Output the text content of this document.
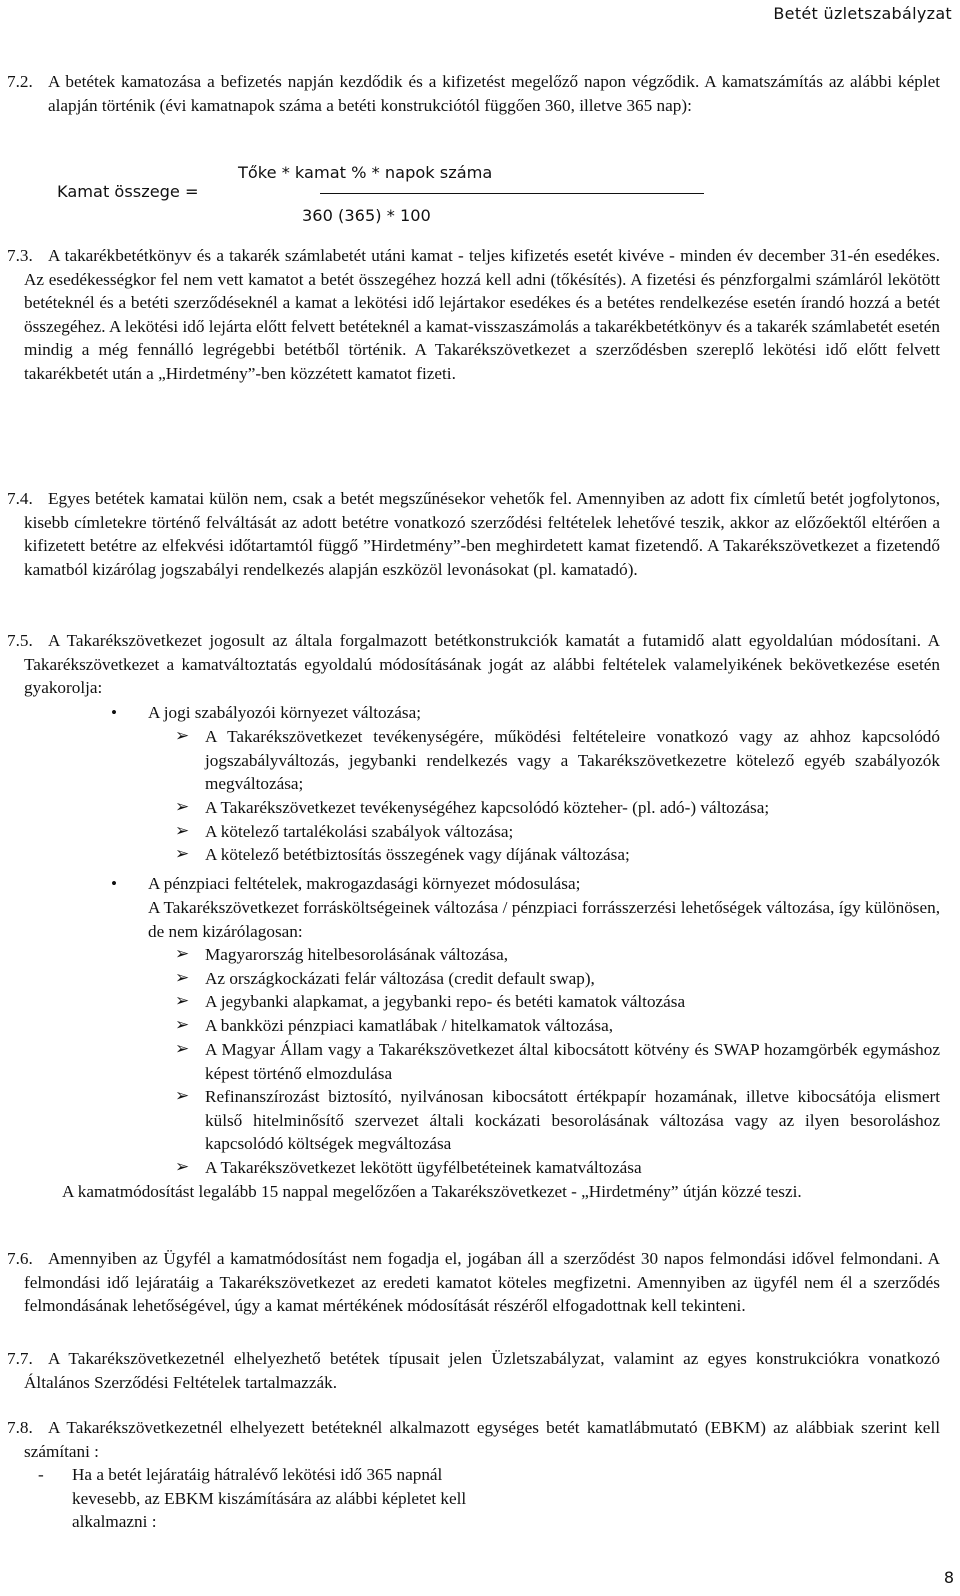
Betét üzletszabályzat
7.2. A betétek kamatozása a befizetés napján kezdődik és a kifizetést megelőző napon végződik. A kamatszámítás az alábbi képlet alapján történik (évi kamatnapok száma a betéti konstrukciótól függően 360, illetve 365 nap):
Kamat összege =
Tőke * kamat % * napok száma
360 (365) * 100
7.3. A takarékbetétkönyv és a takarék számlabetét utáni kamat - teljes kifizetés esetét kivéve - minden év december 31-én esedékes. Az esedékességkor fel nem vett kamatot a betét összegéhez hozzá kell adni (tőkésítés). A fizetési és pénzforgalmi számláról lekötött betéteknél és a betéti szerződéseknél a kamat a lekötési idő lejártakor esedékes és a betétes rendelkezése esetén írandó hozzá a betét összegéhez. A lekötési idő lejárta előtt felvett betéteknél a kamat-visszaszámolás a takarékbetétkönyv és a takarék számlabetét esetén mindig a még fennálló legrégebbi betétből történik. A Takarékszövetkezet a szerződésben szereplő lekötési idő előtt felvett takarékbetét után a „Hirdetmény”-ben közzétett kamatot fizeti.
7.4. Egyes betétek kamatai külön nem, csak a betét megszűnésekor vehetők fel. Amennyiben az adott fix címletű betét jogfolytonos, kisebb címletekre történő felváltását az adott betétre vonatkozó szerződési feltételek lehetővé teszik, akkor az előzőektől eltérően a kifizetett betétre az elfekvési időtartamtól függő ”Hirdetmény”-ben meghirdetett kamat fizetendő. A Takarékszövetkezet a fizetendő kamatból kizárólag jogszabályi rendelkezés alapján eszközöl levonásokat (pl. kamatadó).
7.5. A Takarékszövetkezet jogosult az általa forgalmazott betétkonstrukciók kamatát a futamidő alatt egyoldalúan módosítani. A Takarékszövetkezet a kamatváltoztatás egyoldalú módosításának jogát az alábbi feltételek valamelyikének bekövetkezése esetén gyakorolja:
• A jogi szabályozói környezet változása;
➢ A Takarékszövetkezet tevékenységére, működési feltételeire vonatkozó vagy az ahhoz kapcsolódó jogszabályváltozás, jegybanki rendelkezés vagy a Takarékszövetkezetre kötelező egyéb szabályozók megváltozása;
➢ A Takarékszövetkezet tevékenységéhez kapcsolódó közteher- (pl. adó-) változása;
➢ A kötelező tartalékolási szabályok változása;
➢ A kötelező betétbiztosítás összegének vagy díjának változása;
• A pénzpiaci feltételek, makrogazdasági környezet módosulása;
A Takarékszövetkezet forrásköltségeinek változása / pénzpiaci forrásszerzési lehetőségek változása, így különösen, de nem kizárólagosan:
➢ Magyarország hitelbesorolásának változása,
➢ Az országkockázati felár változása (credit default swap),
➢ A jegybanki alapkamat, a jegybanki repo- és betéti kamatok változása
➢ A bankközi pénzpiaci kamatlábak / hitelkamatok változása,
➢ A Magyar Állam vagy a Takarékszövetkezet által kibocsátott kötvény és SWAP hozamgörbék egymáshoz képest történő elmozdulása
➢ Refinanszírozást biztosító, nyilvánosan kibocsátott értékpapír hozamának, illetve kibocsátója elismert külső hitelminősítő szervezet általi kockázati besorolásának változása vagy az ilyen besoroláshoz kapcsolódó költségek megváltozása
➢ A Takarékszövetkezet lekötött ügyfélbetéteinek kamatváltozása
A kamatmódosítást legalább 15 nappal megelőzően a Takarékszövetkezet - „Hirdetmény” útján közzé teszi.
7.6. Amennyiben az Ügyfél a kamatmódosítást nem fogadja el, jogában áll a szerződést 30 napos felmondási idővel felmondani. A felmondási idő lejáratáig a Takarékszövetkezet az eredeti kamatot köteles megfizetni. Amennyiben az ügyfél nem él a szerződés felmondásának lehetőségével, úgy a kamat mértékének módosítását részéről elfogadottnak kell tekinteni.
7.7. A Takarékszövetkezetnél elhelyezhető betétek típusait jelen Üzletszabályzat, valamint az egyes konstrukciókra vonatkozó Általános Szerződési Feltételek tartalmazzák.
7.8. A Takarékszövetkezetnél elhelyezett betéteknél alkalmazott egységes betét kamatlábmutató (EBKM) az alábbiak szerint kell számítani :
- Ha a betét lejáratáig hátralévő lekötési idő 365 napnál kevesebb, az EBKM kiszámítására az alábbi képletet kell alkalmazni :
8
